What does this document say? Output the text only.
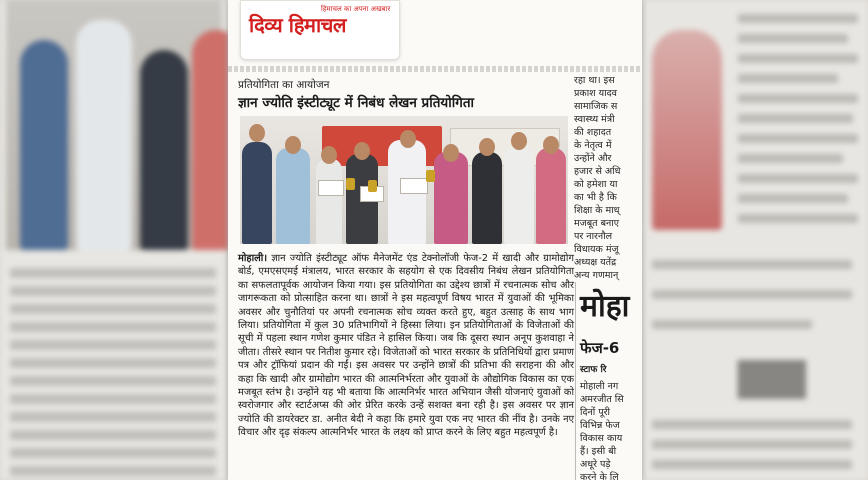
▆▆
हिमाचल का अपना अखबार
दिव्य हिमाचल
प्रतियोगिता का आयोजन
ज्ञान ज्योति इंस्टीट्यूट में निबंध लेखन प्रतियोगिता
रहा था। इस
प्रकाश यादव
सामाजिक स
स्वास्थ्य मंत्री
की शहादत
के नेतृत्व में
उन्होंने और
हजार से अधि
को हमेशा या
का भी है कि
शिक्षा के माध्
मजबूत बनाए
पर नारनौल
विधायक मंजू
अध्यक्ष यतेंद्र
अन्य गणमान्
मोहाली। ज्ञान ज्योति इंस्टीट्यूट ऑफ मैनेजमेंट एंड टेक्नोलॉजी फेज-2 में खादी और ग्रामोद्योग बोर्ड, एमएसएमई मंत्रालय, भारत सरकार के सहयोग से एक दिवसीय निबंध लेखन प्रतियोगिता का सफलतापूर्वक आयोजन किया गया। इस प्रतियोगिता का उद्देश्य छात्रों में रचनात्मक सोच और जागरूकता को प्रोत्साहित करना था। छात्रों ने इस महत्वपूर्ण विषय भारत में युवाओं की भूमिका अवसर और चुनौतियां पर अपनी रचनात्मक सोच व्यक्त करते हुए, बहुत उत्साह के साथ भाग लिया। प्रतियोगिता में कुल 30 प्रतिभागियों ने हिस्सा लिया। इन प्रतियोगिताओं के विजेताओं की सूची में पहला स्थान गणेश कुमार पंडित ने हासिल किया। जब कि दूसरा स्थान अनूप कुशवाहा ने जीता। तीसरे स्थान पर नितीश कुमार रहे। विजेताओं को भारत सरकार के प्रतिनिधियों द्वारा प्रमाण पत्र और ट्रॉफियां प्रदान की गईं। इस अवसर पर उन्होंने छात्रों की प्रतिभा की सराहना की और कहा कि खादी और ग्रामोद्योग भारत की आत्मनिर्भरता और युवाओं के औद्योगिक विकास का एक मजबूत स्तंभ है। उन्होंने यह भी बताया कि आत्मनिर्भर भारत अभियान जैसी योजनाएं युवाओं को स्वरोजगार और स्टार्टअप्स की ओर प्रेरित करके उन्हें सशक्त बना रही है। इस अवसर पर ज्ञान ज्योति की डायरेक्टर डा. अनीत बेदी ने कहा कि हमारे युवा एक नए भारत की नींव है। उनके नए विचार और दृढ़ संकल्प आत्मनिर्भर भारत के लक्ष्य को प्राप्त करने के लिए बहुत महत्वपूर्ण है।
मोहा
फेज-6
स्टाफ रि
मोहाली नग
अमरजीत सि
दिनों पूरी
विभिन्न फेज
विकास काय
हैं। इसी बी
अधूरे पड़े
करने के लि
